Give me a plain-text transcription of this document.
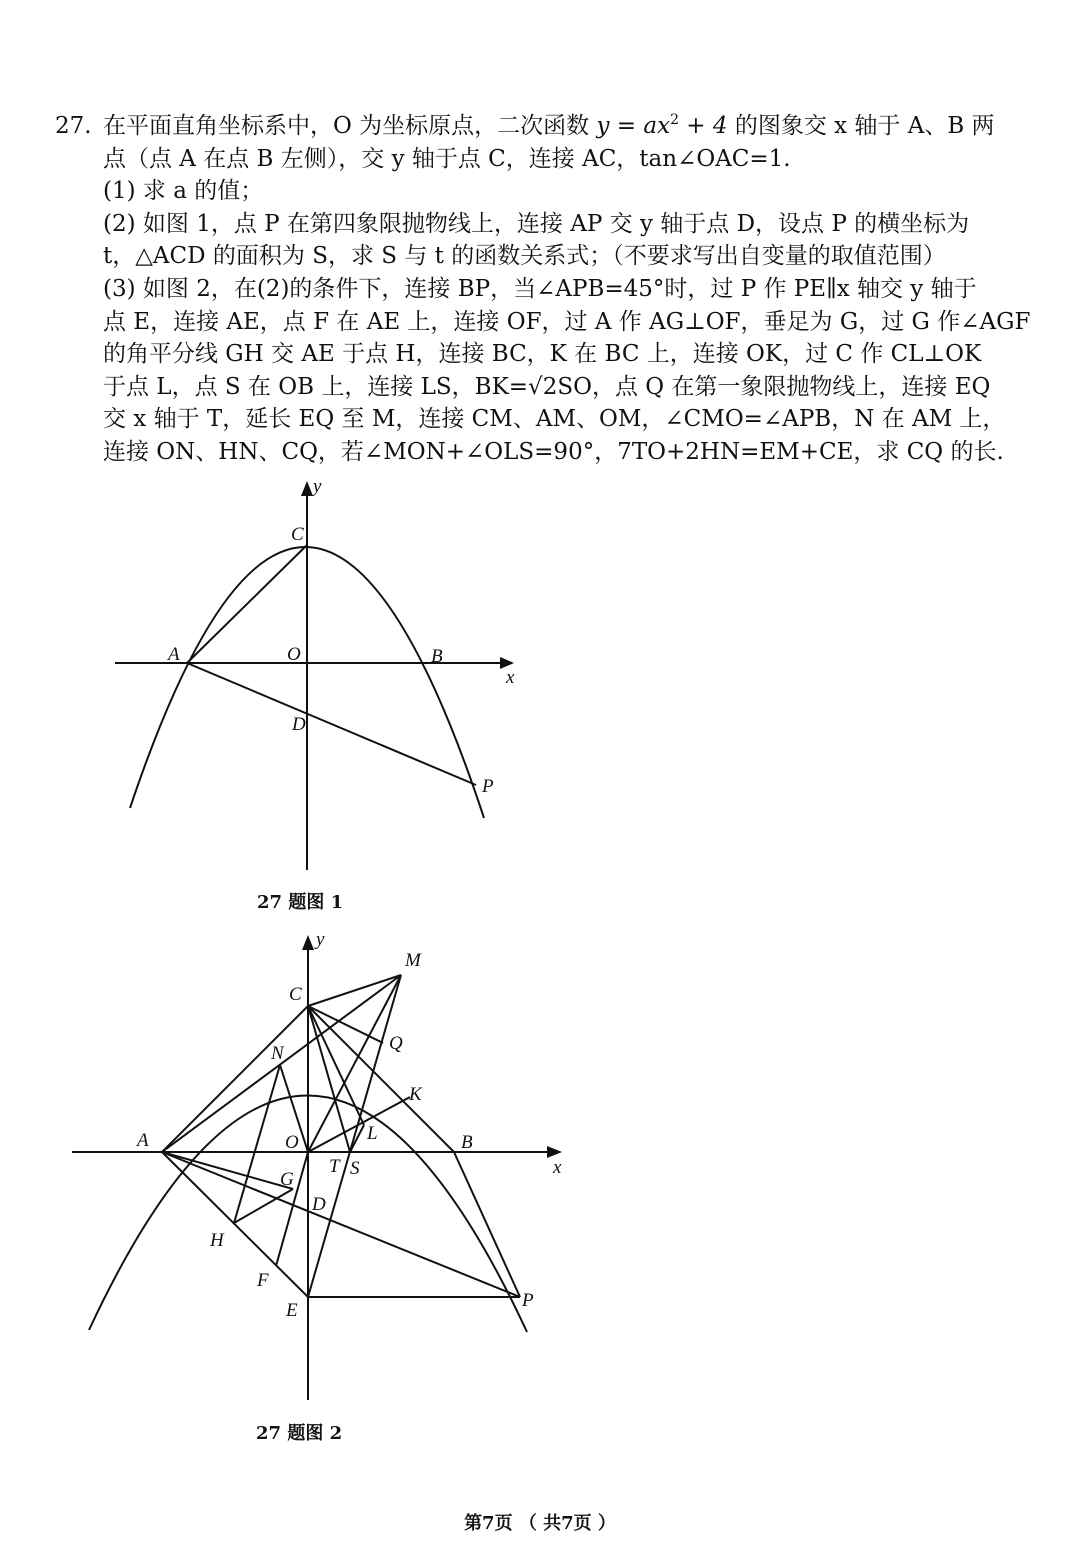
27. 在平面直角坐标系中，O 为坐标原点，二次函数 $y = ax^2 + 4$ 的图象交 x 轴于 A、B 两
点（点 A 在点 B 左侧），交 y 轴于点 C，连接 AC，tan∠OAC=1.
(1) 求 a 的值；
(2) 如图 1，点 P 在第四象限抛物线上，连接 AP 交 y 轴于点 D，设点 P 的横坐标为
t，△ACD 的面积为 S，求 S 与 t 的函数关系式；（不要求写出自变量的取值范围）
(3) 如图 2，在(2)的条件下，连接 BP，当∠APB=45°时，过 P 作 PE∥x 轴交 y 轴于
点 E，连接 AE，点 F 在 AE 上，连接 OF，过 A 作 AG⊥OF，垂足为 G，过 G 作∠AGF
的角平分线 GH 交 AE 于点 H，连接 BC，K 在 BC 上，连接 OK，过 C 作 CL⊥OK
于点 L，点 S 在 OB 上，连接 LS，BK=√2SO，点 Q 在第一象限抛物线上，连接 EQ
交 x 轴于 T，延长 EQ 至 M，连接 CM、AM、OM，∠CMO=∠APB，N 在 AM 上，
连接 ON、HN、CQ，若∠MON+∠OLS=90°，7TO+2HN=EM+CE，求 CQ 的长.
y
x
C
A	O	B
D
P
27 题图 1
y
x
M
C
N	Q
K
A	O	L	B
T S
G
D
H
F
E	P
27 题图 2
第7页 （ 共7页 ）
